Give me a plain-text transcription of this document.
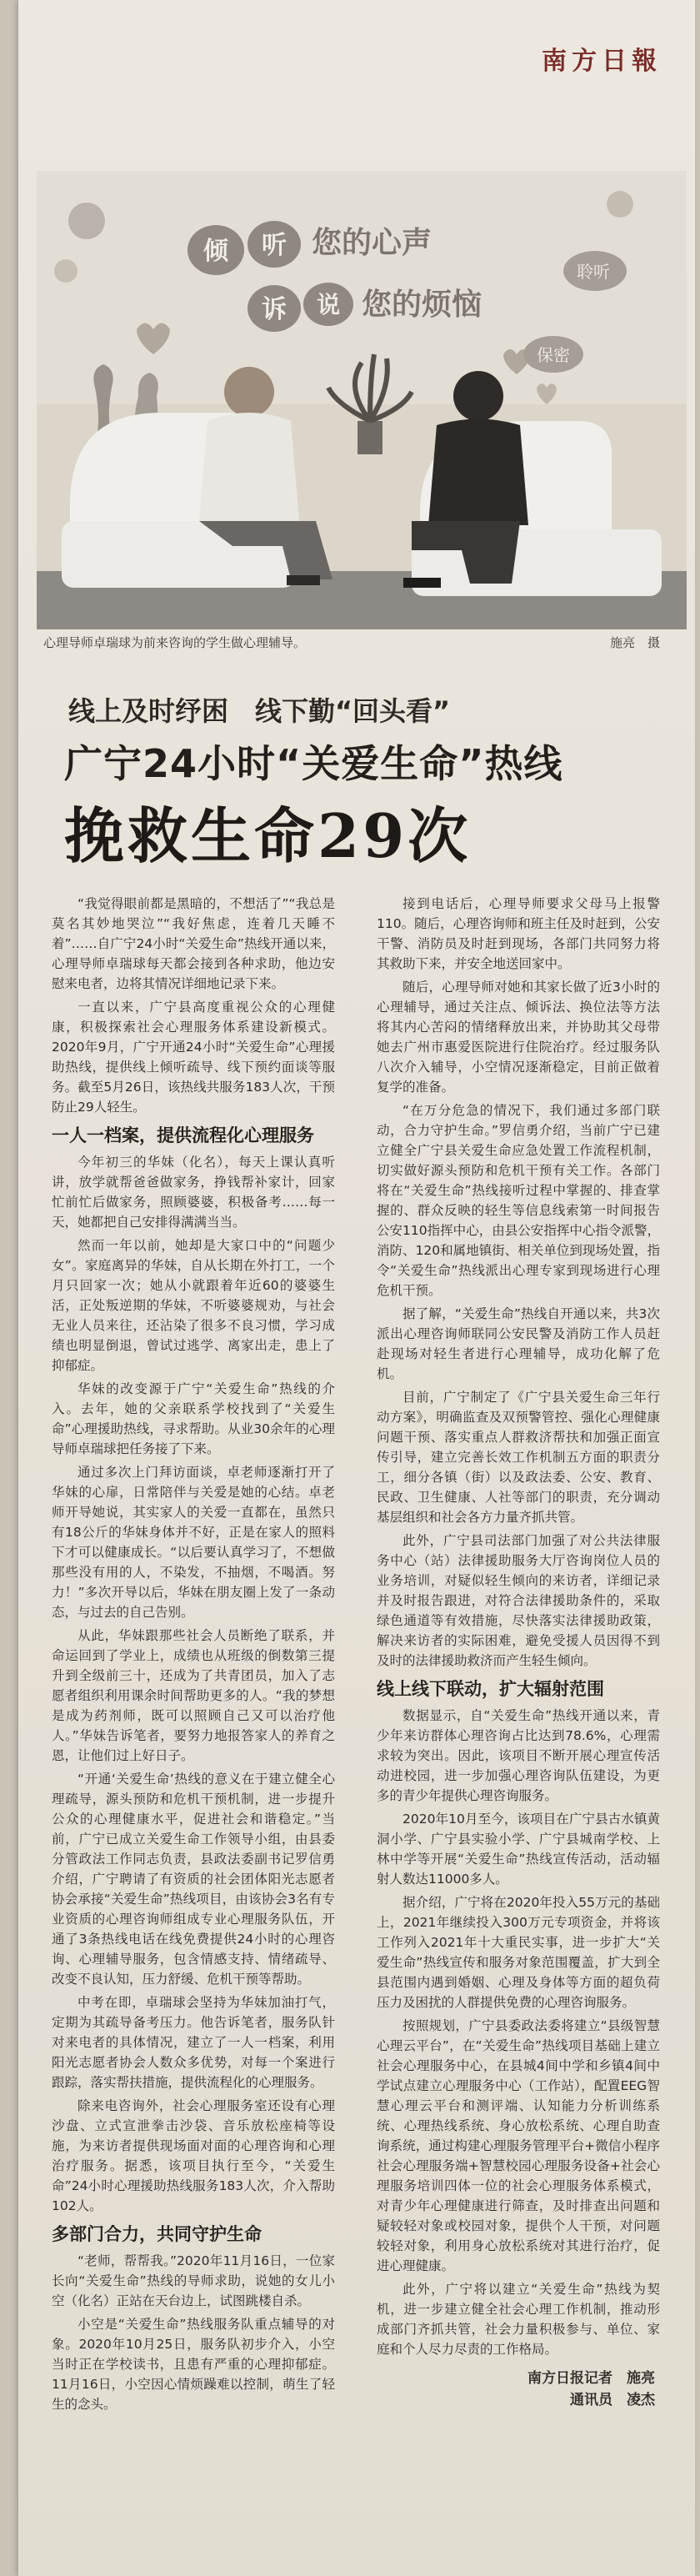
南方日報
倾 听 您的心声
诉 说 您的烦恼
聆听
保密
心理导师卓瑞球为前来咨询的学生做心理辅导。	施亮　摄
线上及时纾困　线下勤“回头看”
广宁24小时“关爱生命”热线
挽救生命29次

“我觉得眼前都是黑暗的，不想活了”“我总是莫名其妙地哭泣”“我好焦虑，连着几天睡不着”……自广宁24小时“关爱生命”热线开通以来，心理导师卓瑞球每天都会接到各种求助，他边安慰来电者，边将其情况详细地记录下来。

一直以来，广宁县高度重视公众的心理健康，积极探索社会心理服务体系建设新模式。2020年9月，广宁开通24小时“关爱生命”心理援助热线，提供线上倾听疏导、线下预约面谈等服务。截至5月26日，该热线共服务183人次，干预防止29人轻生。

一人一档案，提供流程化心理服务

今年初三的华妹（化名），每天上课认真听讲，放学就帮爸爸做家务，挣钱帮补家计，回家忙前忙后做家务，照顾婆婆，积极备考……每一天，她都把自己安排得满满当当。

然而一年以前，她却是大家口中的“问题少女”。家庭离异的华妹，自从长期在外打工，一个月只回家一次；她从小就跟着年近60的婆婆生活，正处叛逆期的华妹，不听婆婆规劝，与社会无业人员来往，还沾染了很多不良习惯，学习成绩也明显倒退，曾试过逃学、离家出走，患上了抑郁症。

华妹的改变源于广宁“关爱生命”热线的介入。去年，她的父亲联系学校找到了“关爱生命”心理援助热线，寻求帮助。从业30余年的心理导师卓瑞球把任务接了下来。

通过多次上门拜访面谈，卓老师逐渐打开了华妹的心扉，日常陪伴与关爱是她的心结。卓老师开导她说，其实家人的关爱一直都在，虽然只有18公斤的华妹身体并不好，正是在家人的照料下才可以健康成长。“以后要认真学习了，不想做那些没有用的人，不染发，不抽烟，不喝酒。努力！”多次开导以后，华妹在朋友圈上发了一条动态，与过去的自己告别。

从此，华妹跟那些社会人员断绝了联系，并命运回到了学业上，成绩也从班级的倒数第三提升到全级前三十，还成为了共青团员，加入了志愿者组织利用课余时间帮助更多的人。“我的梦想是成为药剂师，既可以照顾自己又可以治疗他人。”华妹告诉笔者，要努力地报答家人的养育之恩，让他们过上好日子。

“开通‘关爱生命’热线的意义在于建立健全心理疏导，源头预防和危机干预机制，进一步提升公众的心理健康水平，促进社会和谐稳定。”当前，广宁已成立关爱生命工作领导小组，由县委分管政法工作同志负责，县政法委副书记罗信勇介绍，广宁聘请了有资质的社会团体阳光志愿者协会承接“关爱生命”热线项目，由该协会3名有专业资质的心理咨询师组成专业心理服务队伍，开通了3条热线电话在线免费提供24小时的心理咨询、心理辅导服务，包含情感支持、情绪疏导、改变不良认知，压力舒缓、危机干预等帮助。

中考在即，卓瑞球会坚持为华妹加油打气，定期为其疏导备考压力。他告诉笔者，服务队针对来电者的具体情况，建立了一人一档案，利用阳光志愿者协会人数众多优势，对每一个案进行跟踪，落实帮扶措施，提供流程化的心理服务。

除来电咨询外，社会心理服务室还设有心理沙盘、立式宣泄拳击沙袋、音乐放松座椅等设施，为来访者提供现场面对面的心理咨询和心理治疗服务。据悉，该项目执行至今，“关爱生命”24小时心理援助热线服务183人次，介入帮助102人。

多部门合力，共同守护生命

“老师，帮帮我。”2020年11月16日，一位家长向“关爱生命”热线的导师求助，说她的女儿小空（化名）正站在天台边上，试图跳楼自杀。

小空是“关爱生命”热线服务队重点辅导的对象。2020年10月25日，服务队初步介入，小空当时正在学校读书，且患有严重的心理抑郁症。11月16日，小空因心情烦躁难以控制，萌生了轻生的念头。

接到电话后，心理导师要求父母马上报警110。随后，心理咨询师和班主任及时赶到，公安干警、消防员及时赶到现场，各部门共同努力将其救助下来，并安全地送回家中。

随后，心理导师对她和其家长做了近3小时的心理辅导，通过关注点、倾诉法、换位法等方法将其内心苦闷的情绪释放出来，并协助其父母带她去广州市惠爱医院进行住院治疗。经过服务队八次介入辅导，小空情况逐渐稳定，目前正做着复学的准备。

“在万分危急的情况下，我们通过多部门联动，合力守护生命。”罗信勇介绍，当前广宁已建立健全广宁县关爱生命应急处置工作流程机制，切实做好源头预防和危机干预有关工作。各部门将在“关爱生命”热线接听过程中掌握的、排查掌握的、群众反映的轻生等信息线索第一时间报告公安110指挥中心，由县公安指挥中心指令派警，消防、120和属地镇街、相关单位到现场处置，指令“关爱生命”热线派出心理专家到现场进行心理危机干预。

据了解，“关爱生命”热线自开通以来，共3次派出心理咨询师联同公安民警及消防工作人员赶赴现场对轻生者进行心理辅导，成功化解了危机。

目前，广宁制定了《广宁县关爱生命三年行动方案》，明确监查及双预警管控、强化心理健康问题干预、落实重点人群救济帮扶和加强正面宣传引导，建立完善长效工作机制五方面的职责分工，细分各镇（街）以及政法委、公安、教育、民政、卫生健康、人社等部门的职责，充分调动基层组织和社会各方力量齐抓共管。

此外，广宁县司法部门加强了对公共法律服务中心（站）法律援助服务大厅咨询岗位人员的业务培训，对疑似轻生倾向的来访者，详细记录并及时报告跟进，对符合法律援助条件的，采取绿色通道等有效措施，尽快落实法律援助政策，解决来访者的实际困难，避免受援人员因得不到及时的法律援助救济而产生轻生倾向。

线上线下联动，扩大辐射范围

数据显示，自“关爱生命”热线开通以来，青少年来访群体心理咨询占比达到78.6%，心理需求较为突出。因此，该项目不断开展心理宣传活动进校园，进一步加强心理咨询队伍建设，为更多的青少年提供心理咨询服务。

2020年10月至今，该项目在广宁县古水镇黄洞小学、广宁县实验小学、广宁县城南学校、上林中学等开展“关爱生命”热线宣传活动，活动辐射人数达11000多人。

据介绍，广宁将在2020年投入55万元的基础上，2021年继续投入300万元专项资金，并将该工作列入2021年十大重民实事，进一步扩大“关爱生命”热线宣传和服务对象范围覆盖，扩大到全县范围内遇到婚姻、心理及身体等方面的超负荷压力及困扰的人群提供免费的心理咨询服务。

按照规划，广宁县委政法委将建立“县级智慧心理云平台”，在“关爱生命”热线项目基础上建立社会心理服务中心，在县城4间中学和乡镇4间中学试点建立心理服务中心（工作站），配置EEG智慧心理云平台和测评端、认知能力分析训练系统、心理热线系统、身心放松系统、心理自助查询系统，通过构建心理服务管理平台+微信小程序社会心理服务端+智慧校园心理服务设备+社会心理服务培训四体一位的社会心理服务体系模式，对青少年心理健康进行筛查，及时排查出问题和疑较轻对象或校园对象，提供个人干预，对问题较轻对象，利用身心放松系统对其进行治疗，促进心理健康。

此外，广宁将以建立“关爱生命”热线为契机，进一步建立健全社会心理工作机制，推动形成部门齐抓共管，社会力量积极参与、单位、家庭和个人尽力尽责的工作格局。

南方日报记者　施亮
通讯员　凌杰
